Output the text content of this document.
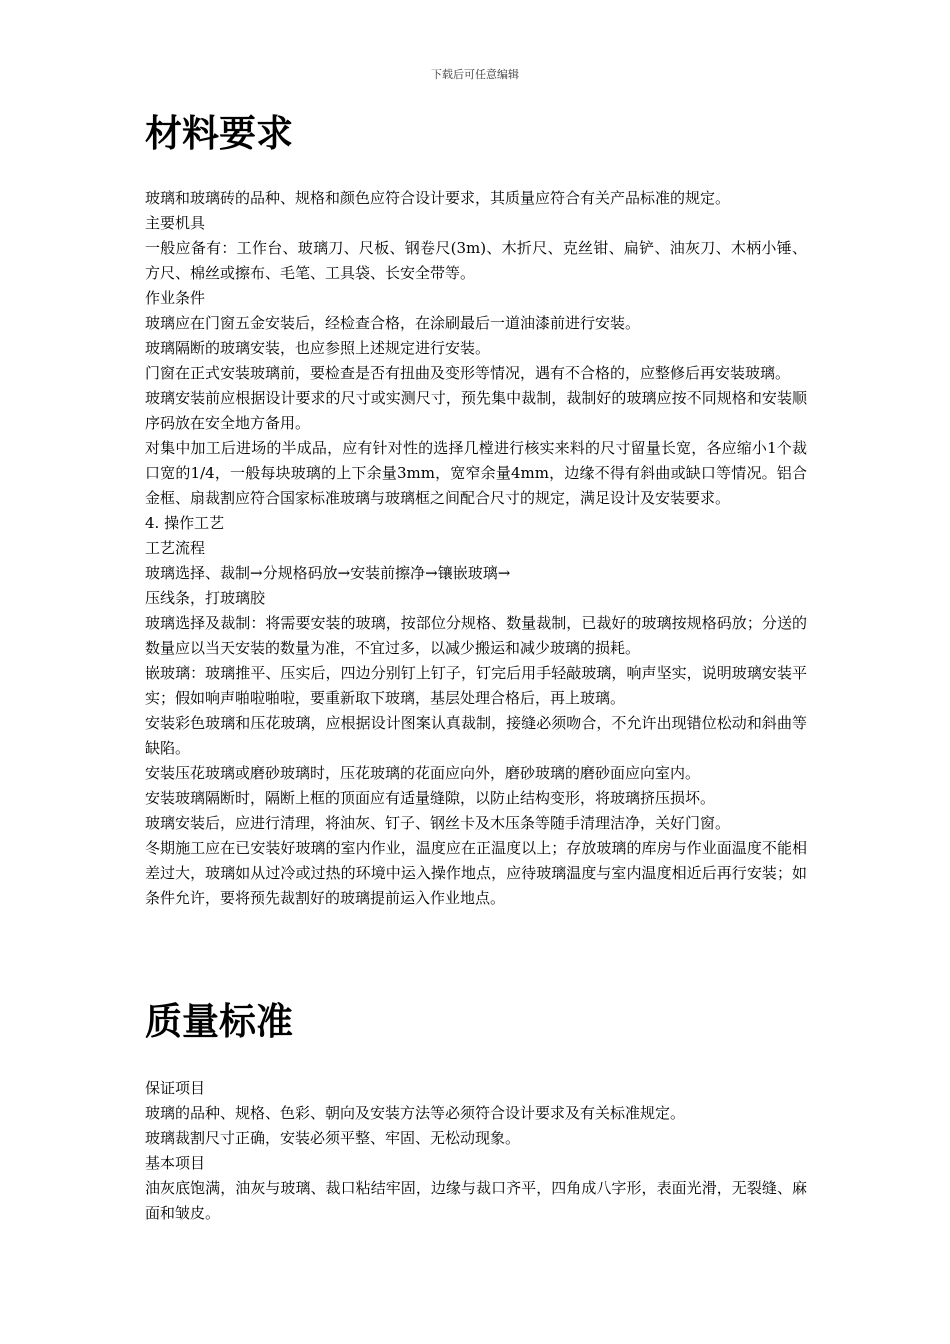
下载后可任意编辑
材料要求

玻璃和玻璃砖的品种、规格和颜色应符合设计要求，其质量应符合有关产品标准的规定。

主要机具

一般应备有：工作台、玻璃刀、尺板、钢卷尺(3m)、木折尺、克丝钳、扁铲、油灰刀、木柄小锤、方尺、棉丝或擦布、毛笔、工具袋、长安全带等。

作业条件

玻璃应在门窗五金安装后，经检查合格，在涂刷最后一道油漆前进行安装。

玻璃隔断的玻璃安装，也应参照上述规定进行安装。

门窗在正式安装玻璃前，要检查是否有扭曲及变形等情况，遇有不合格的，应整修后再安装玻璃。

玻璃安装前应根据设计要求的尺寸或实测尺寸，预先集中裁制，裁制好的玻璃应按不同规格和安装顺序码放在安全地方备用。

对集中加工后进场的半成品，应有针对性的选择几樘进行核实来料的尺寸留量长宽，各应缩小1个裁口宽的1/4，一般每块玻璃的上下余量3mm，宽窄余量4mm，边缘不得有斜曲或缺口等情况。铝合金框、扇裁割应符合国家标准玻璃与玻璃框之间配合尺寸的规定，满足设计及安装要求。

4. 操作工艺

工艺流程

玻璃选择、裁制→分规格码放→安装前擦净→镶嵌玻璃→

压线条，打玻璃胶

玻璃选择及裁制：将需要安装的玻璃，按部位分规格、数量裁制，已裁好的玻璃按规格码放；分送的数量应以当天安装的数量为准，不宜过多，以减少搬运和减少玻璃的损耗。

嵌玻璃：玻璃推平、压实后，四边分别钉上钉子，钉完后用手轻敲玻璃，响声坚实，说明玻璃安装平实；假如响声啪啦啪啦，要重新取下玻璃，基层处理合格后，再上玻璃。

安装彩色玻璃和压花玻璃，应根据设计图案认真裁制，接缝必须吻合，不允许出现错位松动和斜曲等缺陷。

安装压花玻璃或磨砂玻璃时，压花玻璃的花面应向外，磨砂玻璃的磨砂面应向室内。

安装玻璃隔断时，隔断上框的顶面应有适量缝隙，以防止结构变形，将玻璃挤压损坏。

玻璃安装后，应进行清理，将油灰、钉子、钢丝卡及木压条等随手清理洁净，关好门窗。

冬期施工应在已安装好玻璃的室内作业，温度应在正温度以上；存放玻璃的库房与作业面温度不能相差过大，玻璃如从过冷或过热的环境中运入操作地点，应待玻璃温度与室内温度相近后再行安装；如条件允许，要将预先裁割好的玻璃提前运入作业地点。

质量标准

保证项目

玻璃的品种、规格、色彩、朝向及安装方法等必须符合设计要求及有关标准规定。

玻璃裁割尺寸正确，安装必须平整、牢固、无松动现象。

基本项目

油灰底饱满，油灰与玻璃、裁口粘结牢固，边缘与裁口齐平，四角成八字形，表面光滑，无裂缝、麻面和皱皮。
